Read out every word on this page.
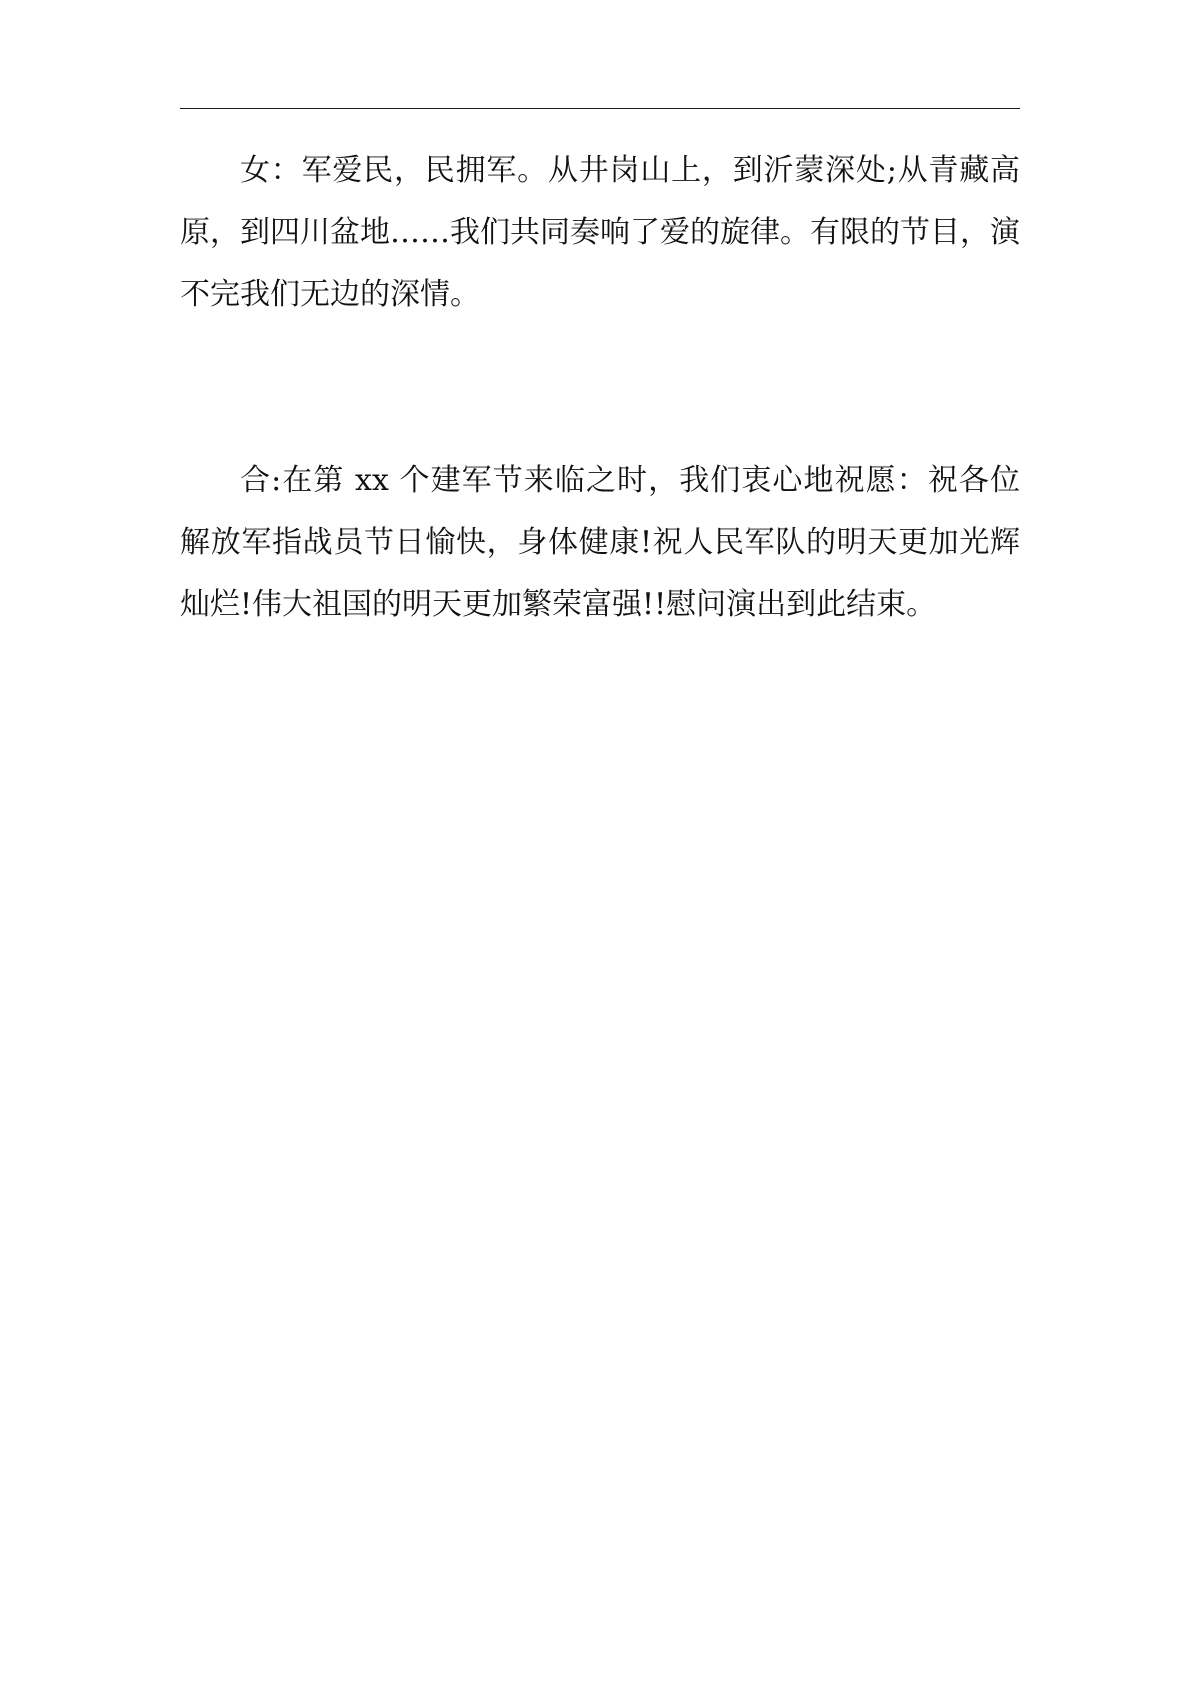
女：军爱民，民拥军。从井岗山上，到沂蒙深处;从青藏高原，到四川盆地……我们共同奏响了爱的旋律。有限的节目，演不完我们无边的深情。

合:在第 xx 个建军节来临之时，我们衷心地祝愿：祝各位解放军指战员节日愉快，身体健康!祝人民军队的明天更加光辉灿烂!伟大祖国的明天更加繁荣富强!!慰问演出到此结束。
